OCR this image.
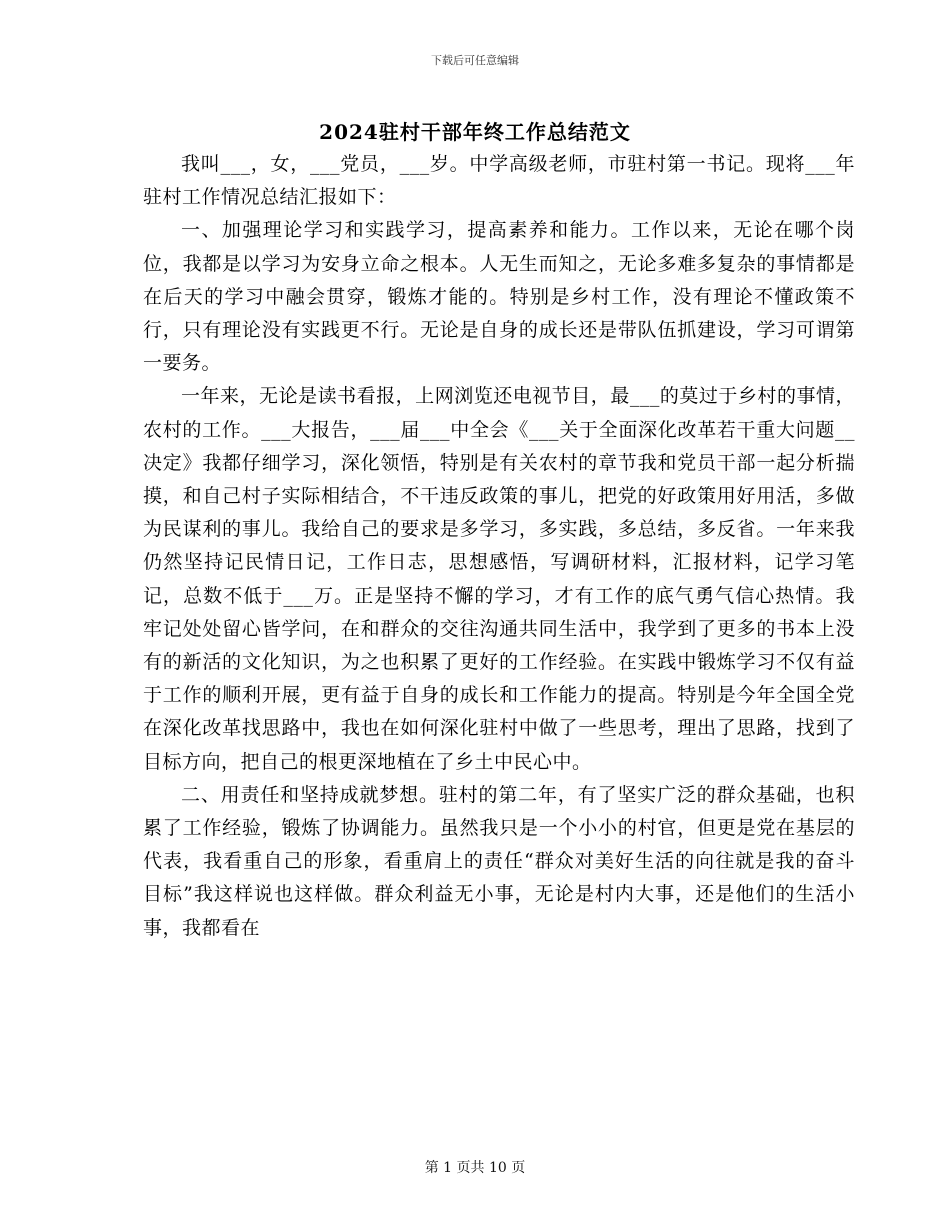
下载后可任意编辑
2024驻村干部年终工作总结范文

我叫___，女，___党员，___岁。中学高级老师，市驻村第一书记。现将___年驻村工作情况总结汇报如下：

一、加强理论学习和实践学习，提高素养和能力。工作以来，无论在哪个岗位，我都是以学习为安身立命之根本。人无生而知之，无论多难多复杂的事情都是在后天的学习中融会贯穿，锻炼才能的。特别是乡村工作，没有理论不懂政策不行，只有理论没有实践更不行。无论是自身的成长还是带队伍抓建设，学习可谓第一要务。

一年来，无论是读书看报，上网浏览还电视节目，最___的莫过于乡村的事情，农村的工作。___大报告，___届___中全会《___关于全面深化改革若干重大问题__决定》我都仔细学习，深化领悟，特别是有关农村的章节我和党员干部一起分析揣摸，和自己村子实际相结合，不干违反政策的事儿，把党的好政策用好用活，多做为民谋利的事儿。我给自己的要求是多学习，多实践，多总结，多反省。一年来我仍然坚持记民情日记，工作日志，思想感悟，写调研材料，汇报材料，记学习笔记，总数不低于___万。正是坚持不懈的学习，才有工作的底气勇气信心热情。我牢记处处留心皆学问，在和群众的交往沟通共同生活中，我学到了更多的书本上没有的新活的文化知识，为之也积累了更好的工作经验。在实践中锻炼学习不仅有益于工作的顺利开展，更有益于自身的成长和工作能力的提高。特别是今年全国全党在深化改革找思路中，我也在如何深化驻村中做了一些思考，理出了思路，找到了目标方向，把自己的根更深地植在了乡土中民心中。

二、用责任和坚持成就梦想。驻村的第二年，有了坚实广泛的群众基础，也积累了工作经验，锻炼了协调能力。虽然我只是一个小小的村官，但更是党在基层的代表，我看重自己的形象，看重肩上的责任“群众对美好生活的向往就是我的奋斗目标”我这样说也这样做。群众利益无小事，无论是村内大事，还是他们的生活小事，我都看在

第 1 页共 10 页
